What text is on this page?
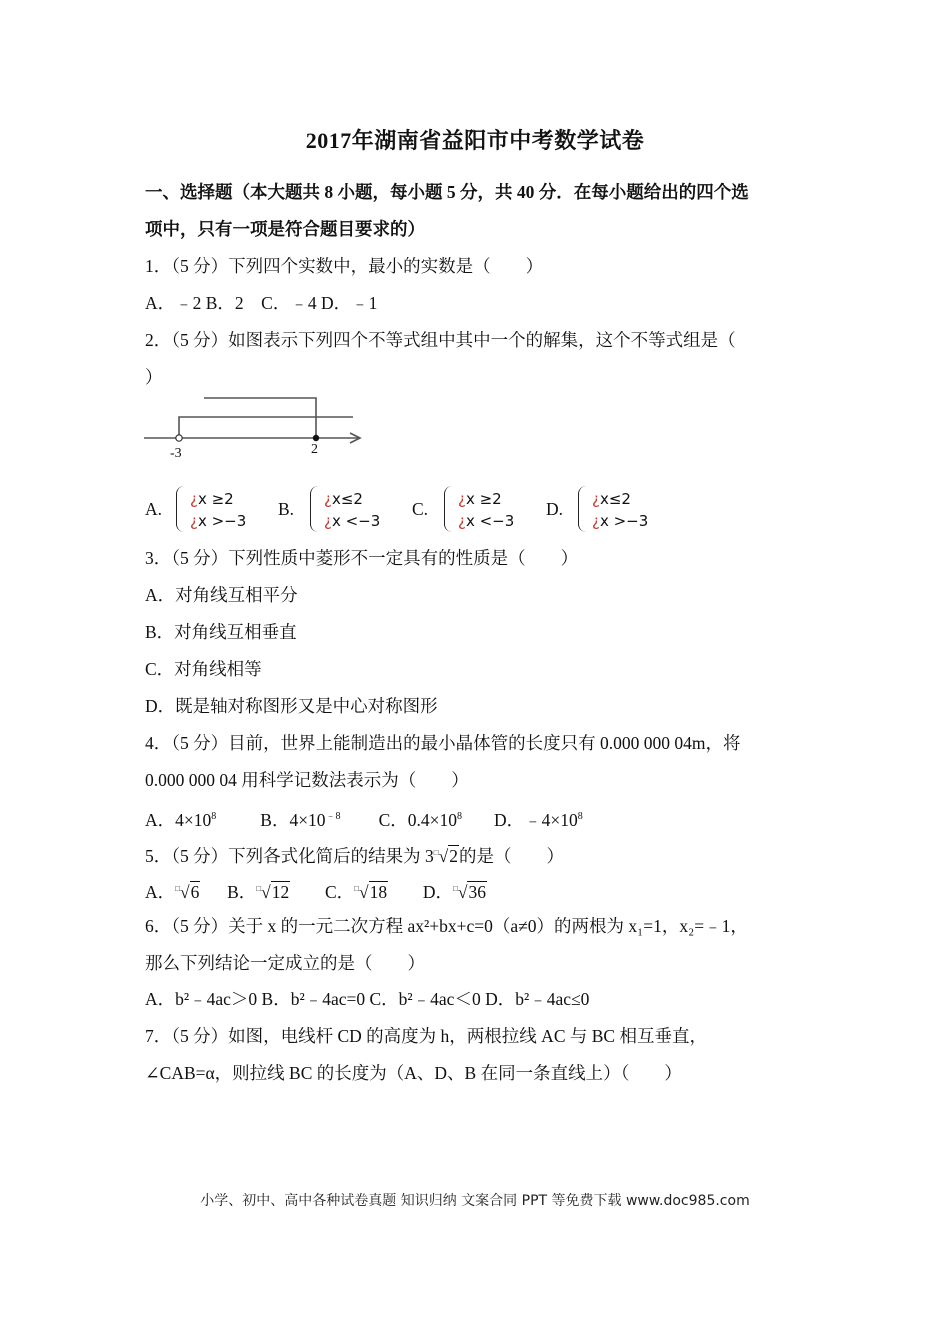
2017年湖南省益阳市中考数学试卷
一、选择题（本大题共 8 小题，每小题 5 分，共 40 分．在每小题给出的四个选
项中，只有一项是符合题目要求的）
1．（5 分）下列四个实数中，最小的实数是（　　）
A．﹣2 B．2　C．﹣4 D．﹣1
2．（5 分）如图表示下列四个不等式组中其中一个的解集，这个不等式组是（
）
-3	2
A.	¿x ≥2
¿x >−3
B.	¿x≤2
¿x <−3
C.	¿x ≥2
¿x <−3
D.	¿x≤2
¿x >−3
3．（5 分）下列性质中菱形不一定具有的性质是（　　）
A．对角线互相平分
B．对角线互相垂直
C．对角线相等
D．既是轴对称图形又是中心对称图形
4．（5 分）目前，世界上能制造出的最小晶体管的长度只有 0.000 000 04m，将
0.000 000 04 用科学记数法表示为（　　）
A．$4\times 10^8$	B．$4\times 10^{﹣8}$ C．$0.4\times 10^8$ D．$﹣4\times 10^8$
5．（5 分）下列各式化简后的结果为 3□√2的是（　　）
A．□√6 B．□√12 C．□√18 D．□√36
6．（5 分）关于 x 的一元二次方程 ax²+bx+c=0（a≠0）的两根为 x₁=1，x₂=﹣1，
那么下列结论一定成立的是（　　）
A．b²﹣4ac＞0 B．b²﹣4ac=0 C．b²﹣4ac＜0 D．b²﹣4ac≤0
7．（5 分）如图，电线杆 CD 的高度为 h，两根拉线 AC 与 BC 相互垂直，
∠CAB=α，则拉线 BC 的长度为（A、D、B 在同一条直线上）（　　）
小学、初中、高中各种试卷真题 知识归纳 文案合同 PPT 等免费下载 www.doc985.com
